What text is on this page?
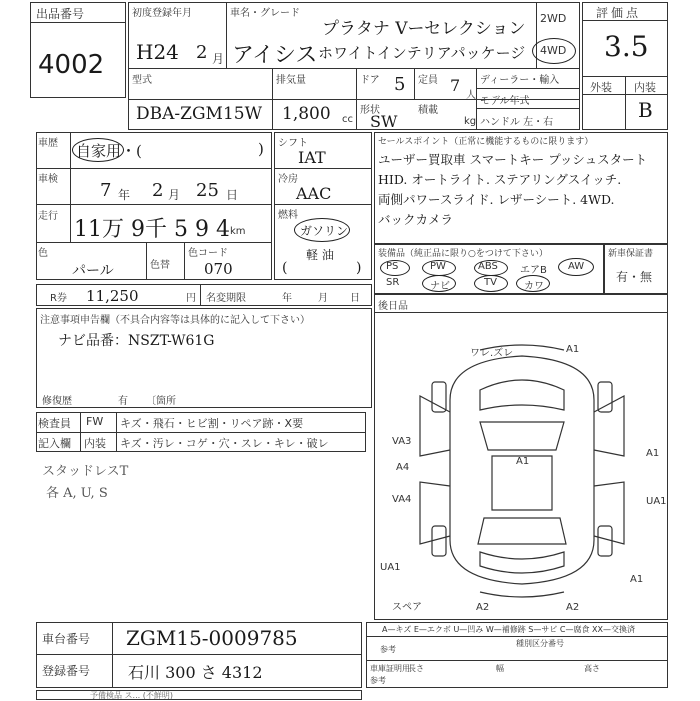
出品番号
4002
初度登録年月
H24 2 月
車名・グレード
アイシス
プラタナ Vーセレクション
ホワイトインテリアパッケージ
2WD
4WD
評価点
3.5
外装 内装
B
型式
DBA-ZGM15W
排気量
1,800 cc
ドア 5 定員 7
人
形状
SW
積載
kg
ディーラー・輸入
モデル年式
ハンドル 左・右
車歴 自家用・(	)
車検
7 年 2 月 25 日
走行
11万 9千 5 9 4 km
色
パール	色替
色コード
070
シフト
IAT
冷房
AAC
燃料
ガソリン
軽 油
(	)
セールスポイント（正常に機能するものに限ります）
ユーザー買取車 スマートキー プッシュスタート
HID. オートライト. ステアリングスイッチ.
両側パワースライド. レザーシート. 4WD.
バックカメラ
装備品（純正品に限り○をつけて下さい）
PS	PW	ABS エアB AW
SR	ナビ	TV	カワ
新車保証書
有・無
R券 11,250	円 名変期限	年	月 日
注意事項申告欄（不具合内容等は具体的に記入して下さい）
ナビ品番：NSZT-W61G
修復歴	有 〔箇所
後日品
ワレ.ズレ	A1
A1
A1
A1
UA1
VA3
A4
VA4
UA1
A2	A2
スペア
検査員 FW キズ・飛石・ヒビ割・リペア跡・X要
記入欄 内装 キズ・汚レ・コゲ・穴・スレ・キレ・破レ
スタッドレスT
各 A, U, S
車台番号 ZGM15-0009785
登録番号 石川 300 さ 4312
A—キズ E—エクボ U—凹み W—補修跡 S—サビ C—腐食 XX—交換済
種別区分番号
参考
車庫証明用
長さ	幅	高さ
参考
予備検品 ス... (不鮮明)
